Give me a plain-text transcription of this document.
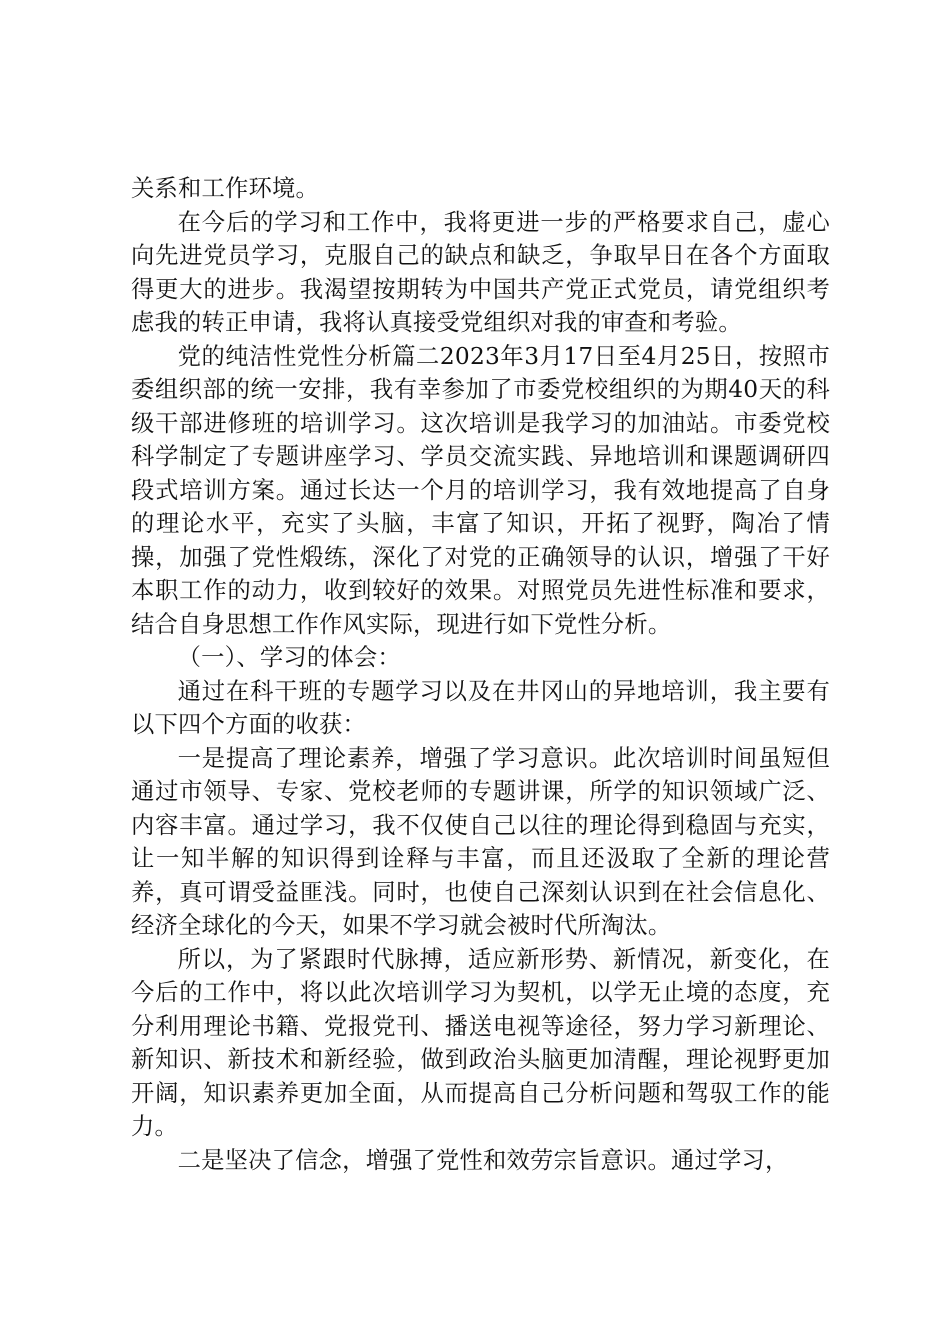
关系和工作环境。

在今后的学习和工作中，我将更进一步的严格要求自己，虚心向先进党员学习，克服自己的缺点和缺乏，争取早日在各个方面取得更大的进步。我渴望按期转为中国共产党正式党员，请党组织考虑我的转正申请，我将认真接受党组织对我的审查和考验。

党的纯洁性党性分析篇二2023年3月17日至4月25日，按照市委组织部的统一安排，我有幸参加了市委党校组织的为期40天的科级干部进修班的培训学习。这次培训是我学习的加油站。市委党校科学制定了专题讲座学习、学员交流实践、异地培训和课题调研四段式培训方案。通过长达一个月的培训学习，我有效地提高了自身的理论水平，充实了头脑，丰富了知识，开拓了视野，陶冶了情操，加强了党性煅练，深化了对党的正确领导的认识，增强了干好本职工作的动力，收到较好的效果。对照党员先进性标准和要求，结合自身思想工作作风实际，现进行如下党性分析。

（一）、学习的体会：

通过在科干班的专题学习以及在井冈山的异地培训，我主要有以下四个方面的收获：

一是提高了理论素养，增强了学习意识。此次培训时间虽短但通过市领导、专家、党校老师的专题讲课，所学的知识领域广泛、内容丰富。通过学习，我不仅使自己以往的理论得到稳固与充实，让一知半解的知识得到诠释与丰富，而且还汲取了全新的理论营养，真可谓受益匪浅。同时，也使自己深刻认识到在社会信息化、经济全球化的今天，如果不学习就会被时代所淘汰。

所以，为了紧跟时代脉搏，适应新形势、新情况，新变化，在今后的工作中，将以此次培训学习为契机，以学无止境的态度，充分利用理论书籍、党报党刊、播送电视等途径，努力学习新理论、新知识、新技术和新经验，做到政治头脑更加清醒，理论视野更加开阔，知识素养更加全面，从而提高自己分析问题和驾驭工作的能力。

二是坚决了信念，增强了党性和效劳宗旨意识。通过学习，
